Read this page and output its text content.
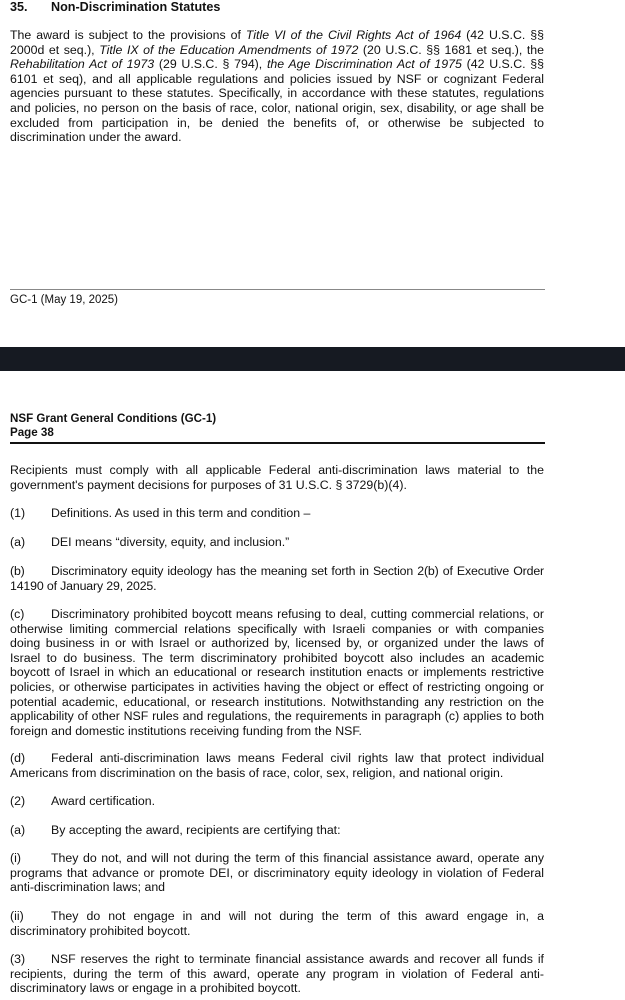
35. Non-Discrimination Statutes

The award is subject to the provisions of Title VI of the Civil Rights Act of 1964 (42 U.S.C. §§ 2000d et seq.), Title IX of the Education Amendments of 1972 (20 U.S.C. §§ 1681 et seq.), the Rehabilitation Act of 1973 (29 U.S.C. § 794), the Age Discrimination Act of 1975 (42 U.S.C. §§ 6101 et seq), and all applicable regulations and policies issued by NSF or cognizant Federal agencies pursuant to these statutes. Specifically, in accordance with these statutes, regulations and policies, no person on the basis of race, color, national origin, sex, disability, or age shall be excluded from participation in, be denied the benefits of, or otherwise be subjected to discrimination under the award.

GC-1 (May 19, 2025)

NSF Grant General Conditions (GC-1)

Page 38

Recipients must comply with all applicable Federal anti-discrimination laws material to the government's payment decisions for purposes of 31 U.S.C. § 3729(b)(4).

(1) Definitions. As used in this term and condition –

(a) DEI means “diversity, equity, and inclusion.”

(b) Discriminatory equity ideology has the meaning set forth in Section 2(b) of Executive Order 14190 of January 29, 2025.

(c) Discriminatory prohibited boycott means refusing to deal, cutting commercial relations, or otherwise limiting commercial relations specifically with Israeli companies or with companies doing business in or with Israel or authorized by, licensed by, or organized under the laws of Israel to do business. The term discriminatory prohibited boycott also includes an academic boycott of Israel in which an educational or research institution enacts or implements restrictive policies, or otherwise participates in activities having the object or effect of restricting ongoing or potential academic, educational, or research institutions. Notwithstanding any restriction on the applicability of other NSF rules and regulations, the requirements in paragraph (c) applies to both foreign and domestic institutions receiving funding from the NSF.

(d) Federal anti-discrimination laws means Federal civil rights law that protect individual Americans from discrimination on the basis of race, color, sex, religion, and national origin.

(2) Award certification.

(a) By accepting the award, recipients are certifying that:

(i) They do not, and will not during the term of this financial assistance award, operate any programs that advance or promote DEI, or discriminatory equity ideology in violation of Federal anti-discrimination laws; and

(ii) They do not engage in and will not during the term of this award engage in, a discriminatory prohibited boycott.

(3) NSF reserves the right to terminate financial assistance awards and recover all funds if recipients, during the term of this award, operate any program in violation of Federal anti-discriminatory laws or engage in a prohibited boycott.
